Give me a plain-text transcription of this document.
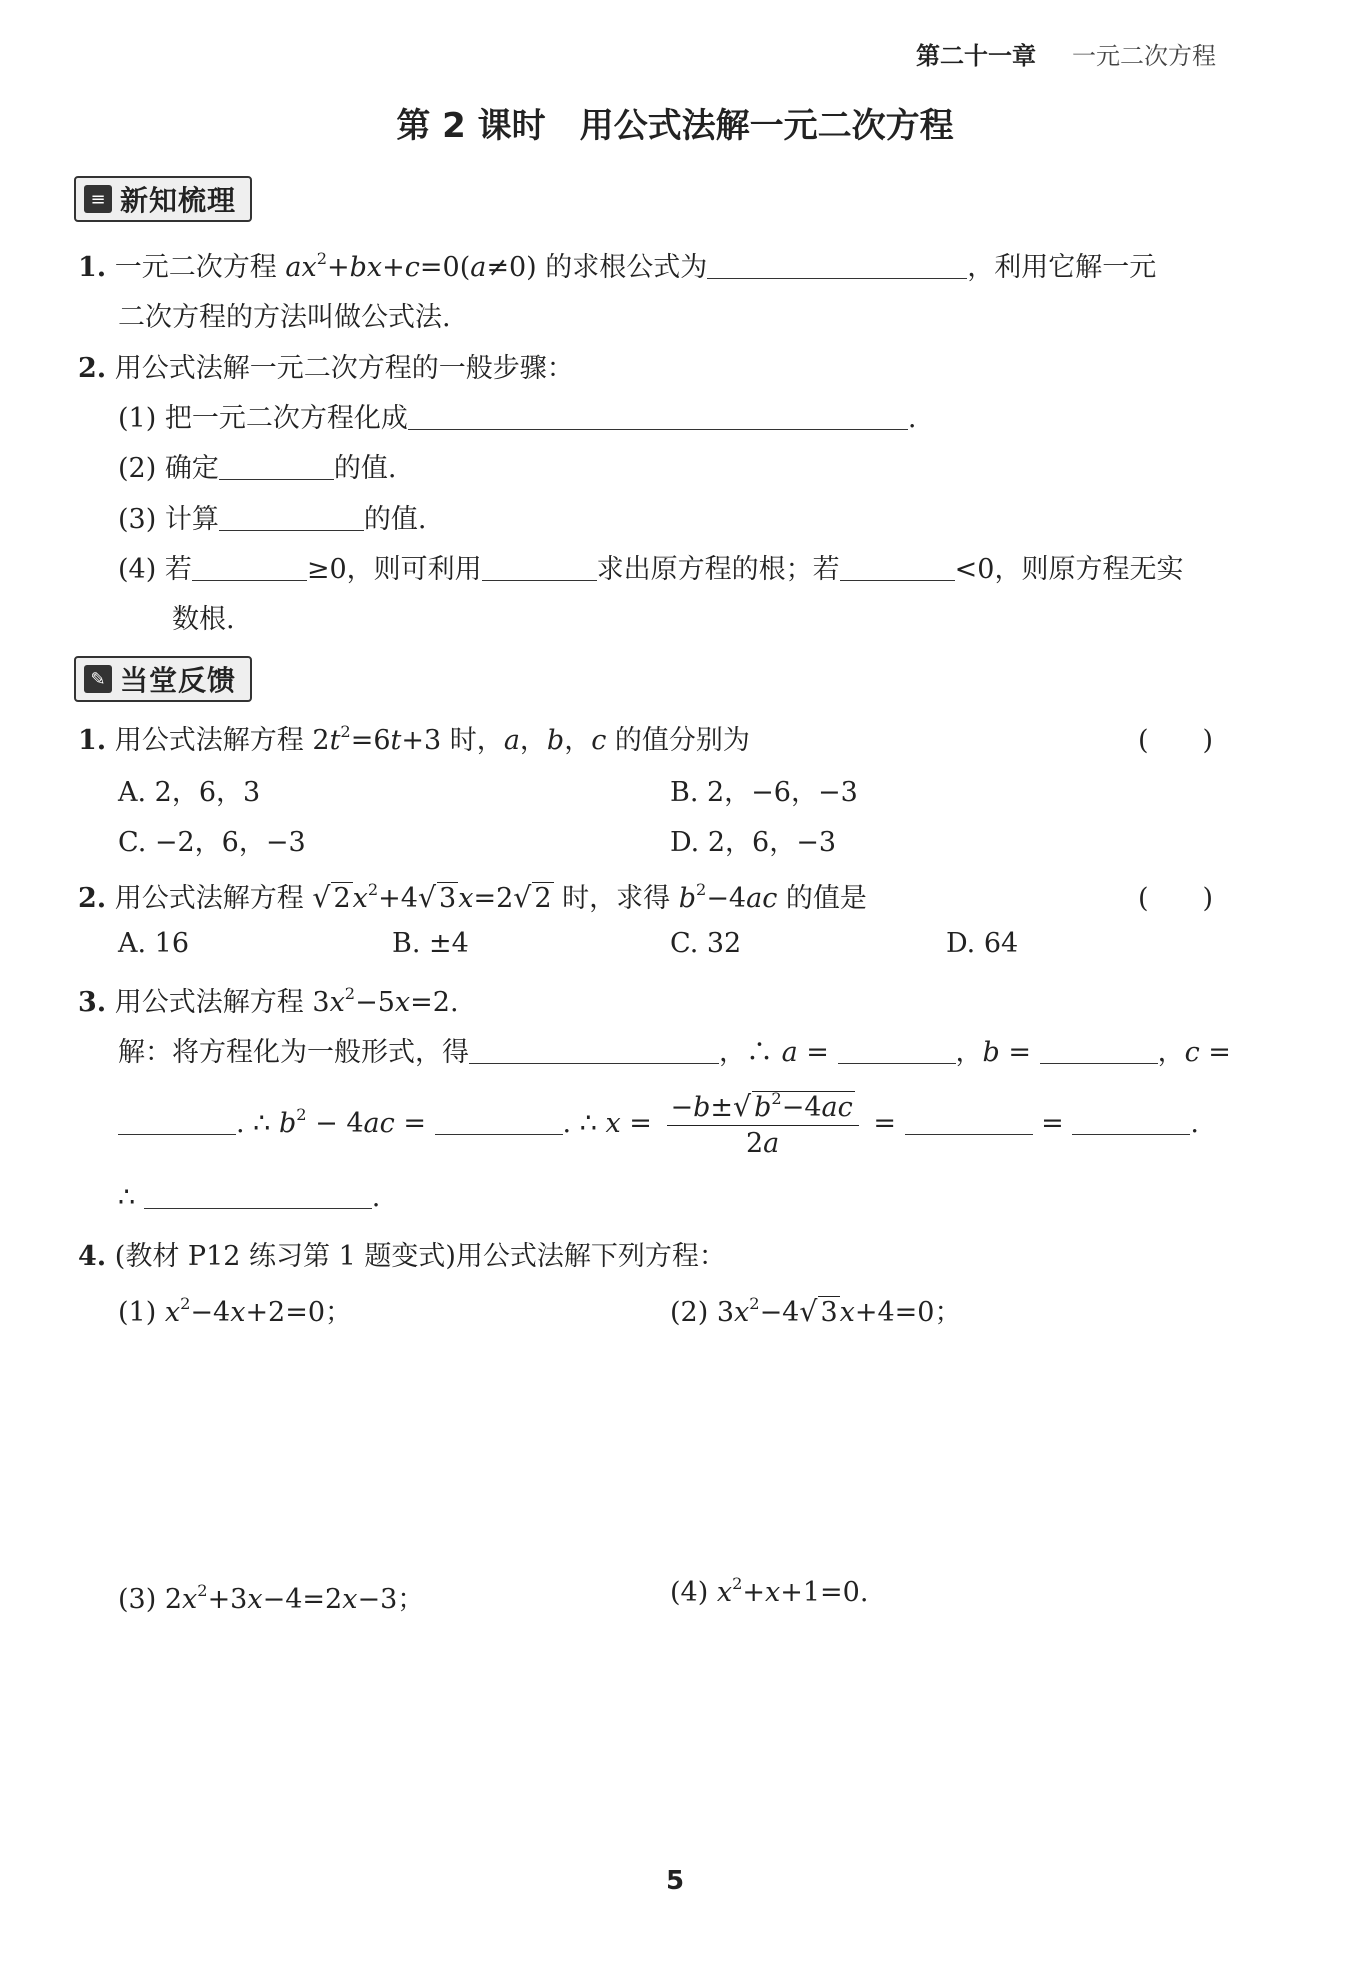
第二十一章 一元二次方程
第 2 课时　用公式法解一元二次方程
≡ 新知梳理
1. 一元二次方程 $ax^2+bx+c=0(a\ne 0)$ 的求根公式为	，利用它解一元
二次方程的方法叫做公式法.
2. 用公式法解一元二次方程的一般步骤：
(1) 把一元二次方程化成	.
(2) 确定	的值.
(3) 计算	的值.
(4) 若	≥0，则可利用	求出原方程的根；若	<0，则原方程无实
数根.
✎ 当堂反馈
1. 用公式法解方程 $2t^2=6t+3$ 时，a，b，c 的值分别为	(　　)
A. 2，6，3	B. 2，−6，−3
C. −2，6，−3	D. 2，6，−3
2. 用公式法解方程 √ $2x^2+4√$ 3x=2√ 2 时，求得 $b^2-4ac$ 的值是	(　　)
A. 16	B. ±4	C. 32	D. 64
3. 用公式法解方程 $3x^2-5x=2$.
解：将方程化为一般形式，得	，∴ a =	，b =	，c =
. ∴ $b^2 - 4ac$ =	. ∴ $x = \frac{-b\pm√ b^2-4ac}{2a}$ =	=	.
∴	.
4. (教材 P12 练习第 1 题变式)用公式法解下列方程：
(1) $x^2-4x+2=0$；	(2) $3x^2-4√$ 3x+4=0；
(3) $2x^2+3x-4=2x-3$；	(4) $x^2+x+1=0$.
5
